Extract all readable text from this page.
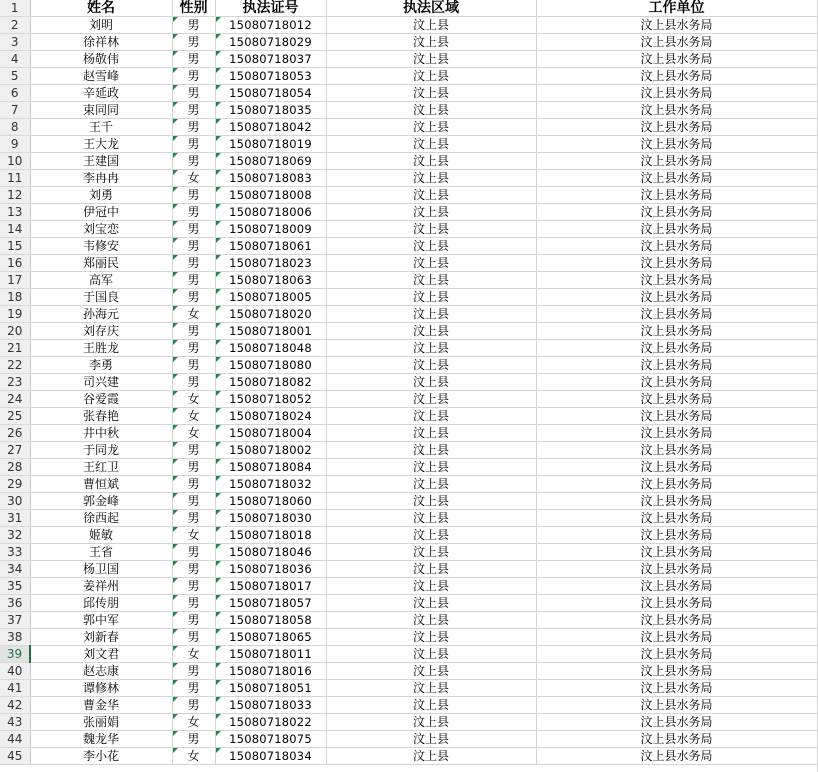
1	姓名	性别	执法证号	执法区域	工作单位
2	刘明	男	15080718012	汶上县	汶上县水务局
3	徐祥林	男	15080718029	汶上县	汶上县水务局
4	杨敬伟	男	15080718037	汶上县	汶上县水务局
5	赵雪峰	男	15080718053	汶上县	汶上县水务局
6	辛延政	男	15080718054	汶上县	汶上县水务局
7	束同同	男	15080718035	汶上县	汶上县水务局
8	王千	男	15080718042	汶上县	汶上县水务局
9	王大龙	男	15080718019	汶上县	汶上县水务局
10	王建国	男	15080718069	汶上县	汶上县水务局
11	李冉冉	女	15080718083	汶上县	汶上县水务局
12	刘勇	男	15080718008	汶上县	汶上县水务局
13	伊冠中	男	15080718006	汶上县	汶上县水务局
14	刘宝恋	男	15080718009	汶上县	汶上县水务局
15	韦修安	男	15080718061	汶上县	汶上县水务局
16	郑丽民	男	15080718023	汶上县	汶上县水务局
17	高军	男	15080718063	汶上县	汶上县水务局
18	于国良	男	15080718005	汶上县	汶上县水务局
19	孙海元	女	15080718020	汶上县	汶上县水务局
20	刘存庆	男	15080718001	汶上县	汶上县水务局
21	王胜龙	男	15080718048	汶上县	汶上县水务局
22	李勇	男	15080718080	汶上县	汶上县水务局
23	司兴建	男	15080718082	汶上县	汶上县水务局
24	谷爱霞	女	15080718052	汶上县	汶上县水务局
25	张春艳	女	15080718024	汶上县	汶上县水务局
26	井中秋	女	15080718004	汶上县	汶上县水务局
27	于同龙	男	15080718002	汶上县	汶上县水务局
28	王红卫	男	15080718084	汶上县	汶上县水务局
29	曹恒斌	男	15080718032	汶上县	汶上县水务局
30	郭金峰	男	15080718060	汶上县	汶上县水务局
31	徐西起	男	15080718030	汶上县	汶上县水务局
32	姬敏	女	15080718018	汶上县	汶上县水务局
33	王省	男	15080718046	汶上县	汶上县水务局
34	杨卫国	男	15080718036	汶上县	汶上县水务局
35	姜祥州	男	15080718017	汶上县	汶上县水务局
36	邱传朋	男	15080718057	汶上县	汶上县水务局
37	郭中军	男	15080718058	汶上县	汶上县水务局
38	刘新春	男	15080718065	汶上县	汶上县水务局
39	刘文君	女	15080718011	汶上县	汶上县水务局
40	赵志康	男	15080718016	汶上县	汶上县水务局
41	谭修林	男	15080718051	汶上县	汶上县水务局
42	曹金华	男	15080718033	汶上县	汶上县水务局
43	张丽娟	女	15080718022	汶上县	汶上县水务局
44	魏龙华	男	15080718075	汶上县	汶上县水务局
45	李小花	女	15080718034	汶上县	汶上县水务局
